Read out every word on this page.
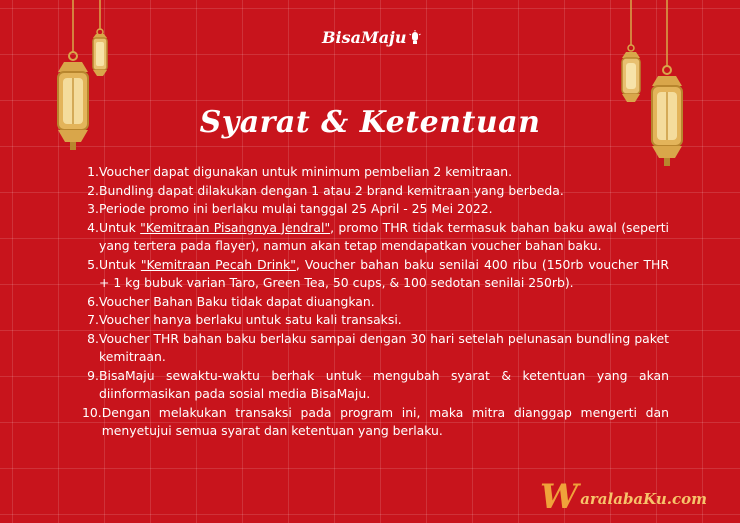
BisaMaju
Syarat & Ketentuan
1. Voucher dapat digunakan untuk minimum pembelian 2 kemitraan.
2. Bundling dapat dilakukan dengan 1 atau 2 brand kemitraan yang berbeda.
3. Periode promo ini berlaku mulai tanggal 25 April - 25 Mei 2022.
4. Untuk "Kemitraan Pisangnya Jendral", promo THR tidak termasuk bahan baku awal (seperti yang tertera pada flayer), namun akan tetap mendapatkan voucher bahan baku.
5. Untuk "Kemitraan Pecah Drink", Voucher bahan baku senilai 400 ribu (150rb voucher THR + 1 kg bubuk varian Taro, Green Tea, 50 cups, & 100 sedotan senilai 250rb).
6. Voucher Bahan Baku tidak dapat diuangkan.
7. Voucher hanya berlaku untuk satu kali transaksi.
8. Voucher THR bahan baku berlaku sampai dengan 30 hari setelah pelunasan bundling paket kemitraan.
9. BisaMaju sewaktu-waktu berhak untuk mengubah syarat & ketentuan yang akan diinformasikan pada sosial media BisaMaju.
10. Dengan melakukan transaksi pada program ini, maka mitra dianggap mengerti dan menyetujui semua syarat dan ketentuan yang berlaku.
W aralabaKu.com
